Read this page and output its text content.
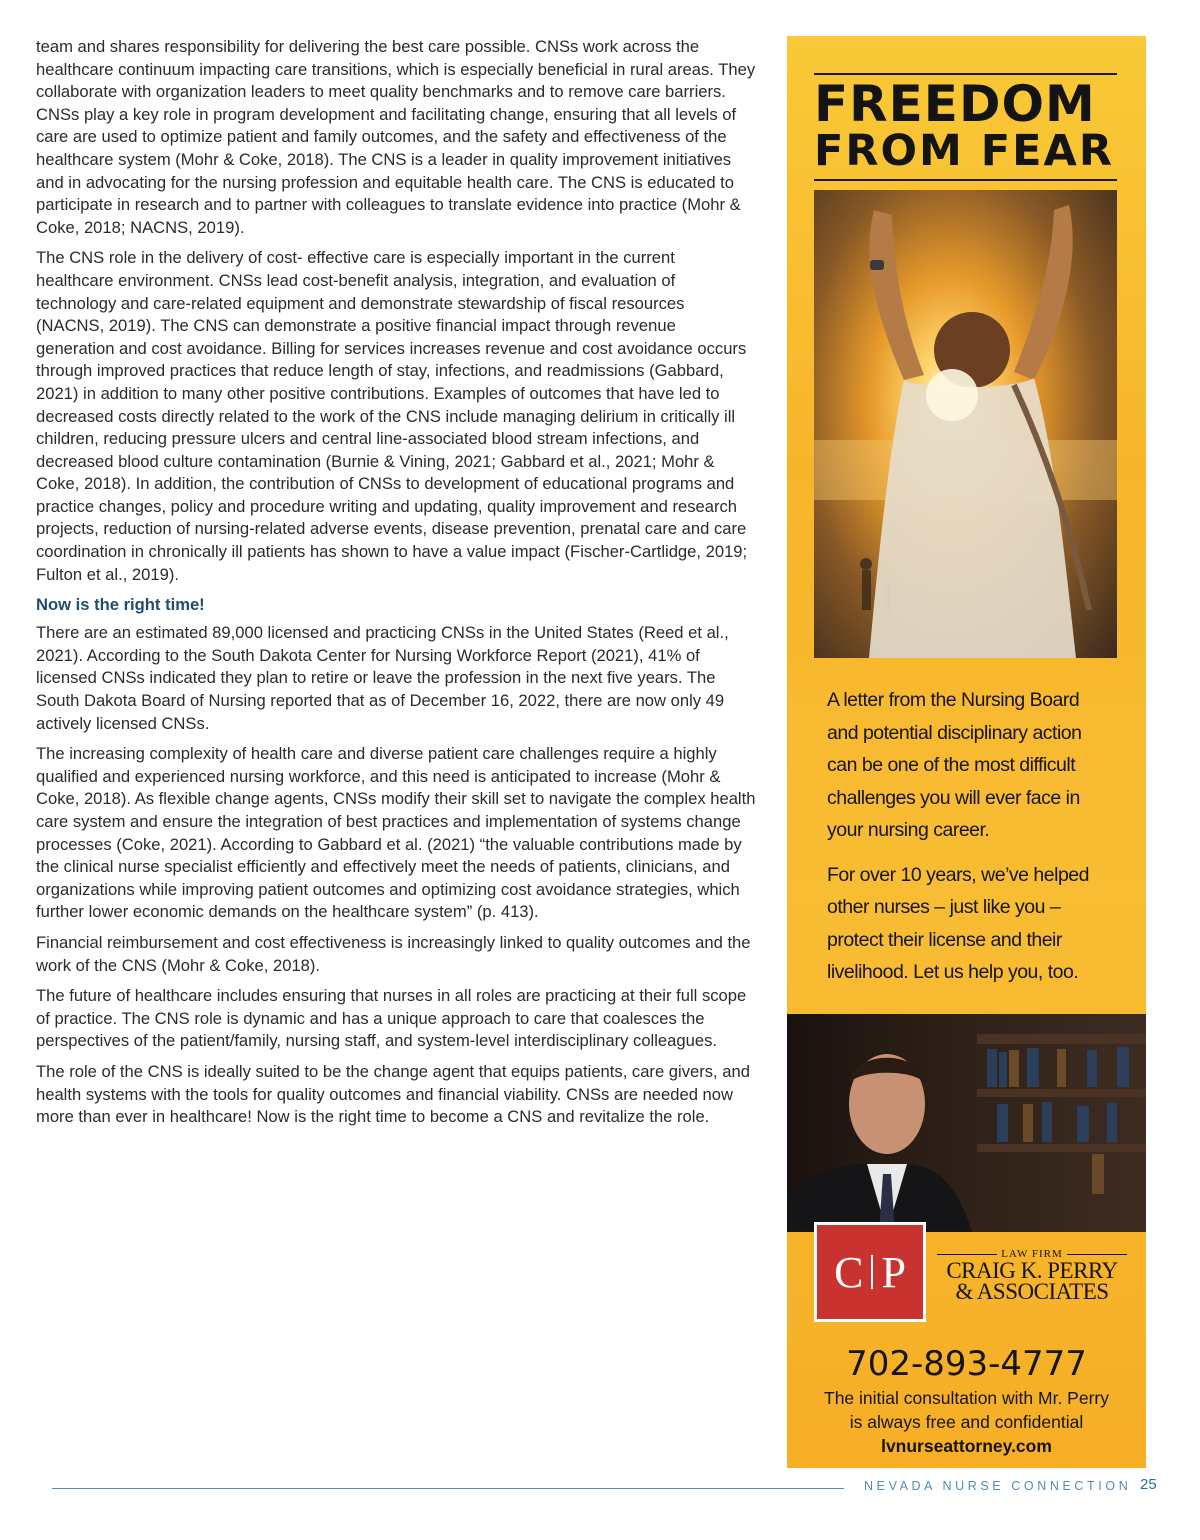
team and shares responsibility for delivering the best care possible. CNSs work across the healthcare continuum impacting care transitions, which is especially beneficial in rural areas. They collaborate with organization leaders to meet quality benchmarks and to remove care barriers. CNSs play a key role in program development and facilitating change, ensuring that all levels of care are used to optimize patient and family outcomes, and the safety and effectiveness of the healthcare system (Mohr & Coke, 2018). The CNS is a leader in quality improvement initiatives and in advocating for the nursing profession and equitable health care. The CNS is educated to participate in research and to partner with colleagues to translate evidence into practice (Mohr & Coke, 2018; NACNS, 2019).

The CNS role in the delivery of cost- effective care is especially important in the current healthcare environment. CNSs lead cost-benefit analysis, integration, and evaluation of technology and care-related equipment and demonstrate stewardship of fiscal resources (NACNS, 2019). The CNS can demonstrate a positive financial impact through revenue generation and cost avoidance. Billing for services increases revenue and cost avoidance occurs through improved practices that reduce length of stay, infections, and readmissions (Gabbard, 2021) in addition to many other positive contributions. Examples of outcomes that have led to decreased costs directly related to the work of the CNS include managing delirium in critically ill children, reducing pressure ulcers and central line-associated blood stream infections, and decreased blood culture contamination (Burnie & Vining, 2021; Gabbard et al., 2021; Mohr & Coke, 2018). In addition, the contribution of CNSs to development of educational programs and practice changes, policy and procedure writing and updating, quality improvement and research projects, reduction of nursing-related adverse events, disease prevention, prenatal care and care coordination in chronically ill patients has shown to have a value impact (Fischer-Cartlidge, 2019; Fulton et al., 2019).

Now is the right time!

There are an estimated 89,000 licensed and practicing CNSs in the United States (Reed et al., 2021). According to the South Dakota Center for Nursing Workforce Report (2021), 41% of licensed CNSs indicated they plan to retire or leave the profession in the next five years. The South Dakota Board of Nursing reported that as of December 16, 2022, there are now only 49 actively licensed CNSs.

The increasing complexity of health care and diverse patient care challenges require a highly qualified and experienced nursing workforce, and this need is anticipated to increase (Mohr & Coke, 2018). As flexible change agents, CNSs modify their skill set to navigate the complex health care system and ensure the integration of best practices and implementation of systems change processes (Coke, 2021). According to Gabbard et al. (2021) “the valuable contributions made by the clinical nurse specialist efficiently and effectively meet the needs of patients, clinicians, and organizations while improving patient outcomes and optimizing cost avoidance strategies, which further lower economic demands on the healthcare system” (p. 413).

Financial reimbursement and cost effectiveness is increasingly linked to quality outcomes and the work of the CNS (Mohr & Coke, 2018).

The future of healthcare includes ensuring that nurses in all roles are practicing at their full scope of practice. The CNS role is dynamic and has a unique approach to care that coalesces the perspectives of the patient/family, nursing staff, and system-level interdisciplinary colleagues.

The role of the CNS is ideally suited to be the change agent that equips patients, care givers, and health systems with the tools for quality outcomes and financial viability. CNSs are needed now more than ever in healthcare! Now is the right time to become a CNS and revitalize the role.

FREEDOM
FROM FEAR

A letter from the Nursing Board and potential disciplinary action can be one of the most difficult challenges you will ever face in your nursing career.

For over 10 years, we’ve helped other nurses – just like you – protect their license and their livelihood. Let us help you, too.

C P	LAW FIRM
CRAIG K. PERRY
& ASSOCIATES
702-893-4777
The initial consultation with Mr. Perry
is always free and confidential
lvnurseattorney.com
NEVADA NURSE CONNECTION 25
